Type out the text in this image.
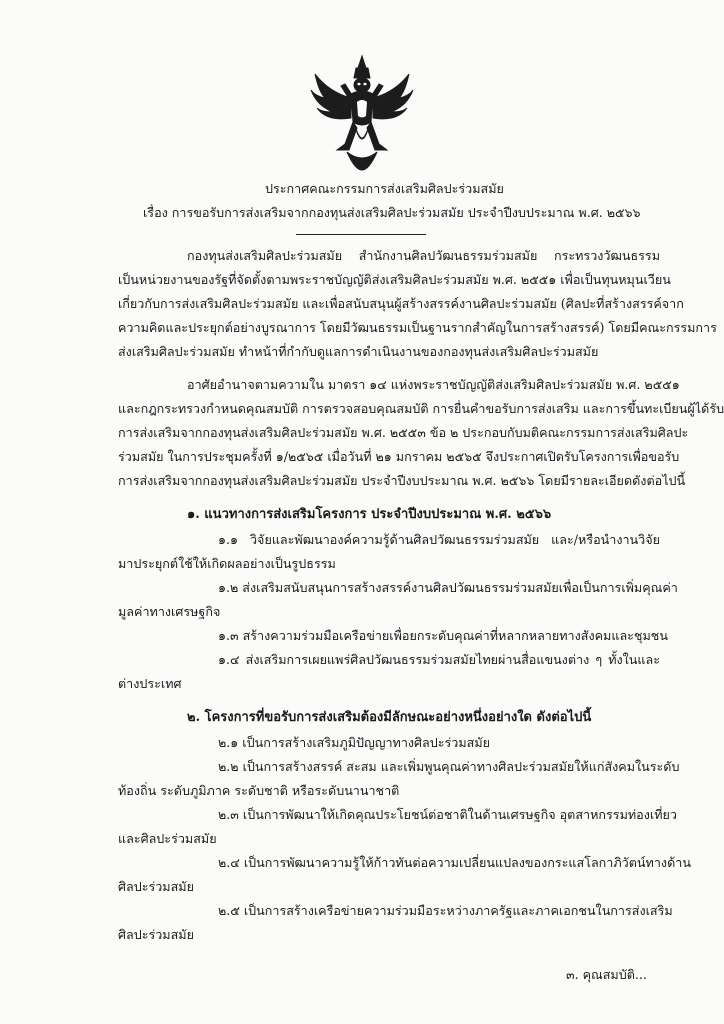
ประกาศคณะกรรมการส่งเสริมศิลปะร่วมสมัย
เรื่อง การขอรับการส่งเสริมจากกองทุนส่งเสริมศิลปะร่วมสมัย ประจำปีงบประมาณ พ.ศ. ๒๕๖๖
กองทุนส่งเสริมศิลปะร่วมสมัย สำนักงานศิลปวัฒนธรรมร่วมสมัย กระทรวงวัฒนธรรม
เป็นหน่วยงานของรัฐที่จัดตั้งตามพระราชบัญญัติส่งเสริมศิลปะร่วมสมัย พ.ศ. ๒๕๕๑ เพื่อเป็นทุนหมุนเวียน
เกี่ยวกับการส่งเสริมศิลปะร่วมสมัย และเพื่อสนับสนุนผู้สร้างสรรค์งานศิลปะร่วมสมัย (ศิลปะที่สร้างสรรค์จาก
ความคิดและประยุกต์อย่างบูรณาการ โดยมีวัฒนธรรมเป็นฐานรากสำคัญในการสร้างสรรค์) โดยมีคณะกรรมการ
ส่งเสริมศิลปะร่วมสมัย ทำหน้าที่กำกับดูแลการดำเนินงานของกองทุนส่งเสริมศิลปะร่วมสมัย
อาศัยอำนาจตามความใน มาตรา ๑๔ แห่งพระราชบัญญัติส่งเสริมศิลปะร่วมสมัย พ.ศ. ๒๕๕๑
และกฎกระทรวงกำหนดคุณสมบัติ การตรวจสอบคุณสมบัติ การยื่นคำขอรับการส่งเสริม และการขึ้นทะเบียนผู้ได้รับ
การส่งเสริมจากกองทุนส่งเสริมศิลปะร่วมสมัย พ.ศ. ๒๕๕๓ ข้อ ๒ ประกอบกับมติคณะกรรมการส่งเสริมศิลปะ
ร่วมสมัย ในการประชุมครั้งที่ ๑/๒๕๖๕ เมื่อวันที่ ๒๑ มกราคม ๒๕๖๕ จึงประกาศเปิดรับโครงการเพื่อขอรับ
การส่งเสริมจากกองทุนส่งเสริมศิลปะร่วมสมัย ประจำปีงบประมาณ พ.ศ. ๒๕๖๖ โดยมีรายละเอียดดังต่อไปนี้
๑. แนวทางการส่งเสริมโครงการ ประจำปีงบประมาณ พ.ศ. ๒๕๖๖
๑.๑ วิจัยและพัฒนาองค์ความรู้ด้านศิลปวัฒนธรรมร่วมสมัย และ/หรือนำงานวิจัย
มาประยุกต์ใช้ให้เกิดผลอย่างเป็นรูปธรรม
๑.๒ ส่งเสริมสนับสนุนการสร้างสรรค์งานศิลปวัฒนธรรมร่วมสมัยเพื่อเป็นการเพิ่มคุณค่า
มูลค่าทางเศรษฐกิจ
๑.๓ สร้างความร่วมมือเครือข่ายเพื่อยกระดับคุณค่าที่หลากหลายทางสังคมและชุมชน
๑.๔ ส่งเสริมการเผยแพร่ศิลปวัฒนธรรมร่วมสมัยไทยผ่านสื่อแขนงต่าง ๆ ทั้งในและ
ต่างประเทศ
๒. โครงการที่ขอรับการส่งเสริมต้องมีลักษณะอย่างหนึ่งอย่างใด ดังต่อไปนี้
๒.๑ เป็นการสร้างเสริมภูมิปัญญาทางศิลปะร่วมสมัย
๒.๒ เป็นการสร้างสรรค์ สะสม และเพิ่มพูนคุณค่าทางศิลปะร่วมสมัยให้แก่สังคมในระดับ
ท้องถิ่น ระดับภูมิภาค ระดับชาติ หรือระดับนานาชาติ
๒.๓ เป็นการพัฒนาให้เกิดคุณประโยชน์ต่อชาติในด้านเศรษฐกิจ อุตสาหกรรมท่องเที่ยว
และศิลปะร่วมสมัย
๒.๔ เป็นการพัฒนาความรู้ให้ก้าวทันต่อความเปลี่ยนแปลงของกระแสโลกาภิวัตน์ทางด้าน
ศิลปะร่วมสมัย
๒.๕ เป็นการสร้างเครือข่ายความร่วมมือระหว่างภาครัฐและภาคเอกชนในการส่งเสริม
ศิลปะร่วมสมัย
๓. คุณสมบัติ...
